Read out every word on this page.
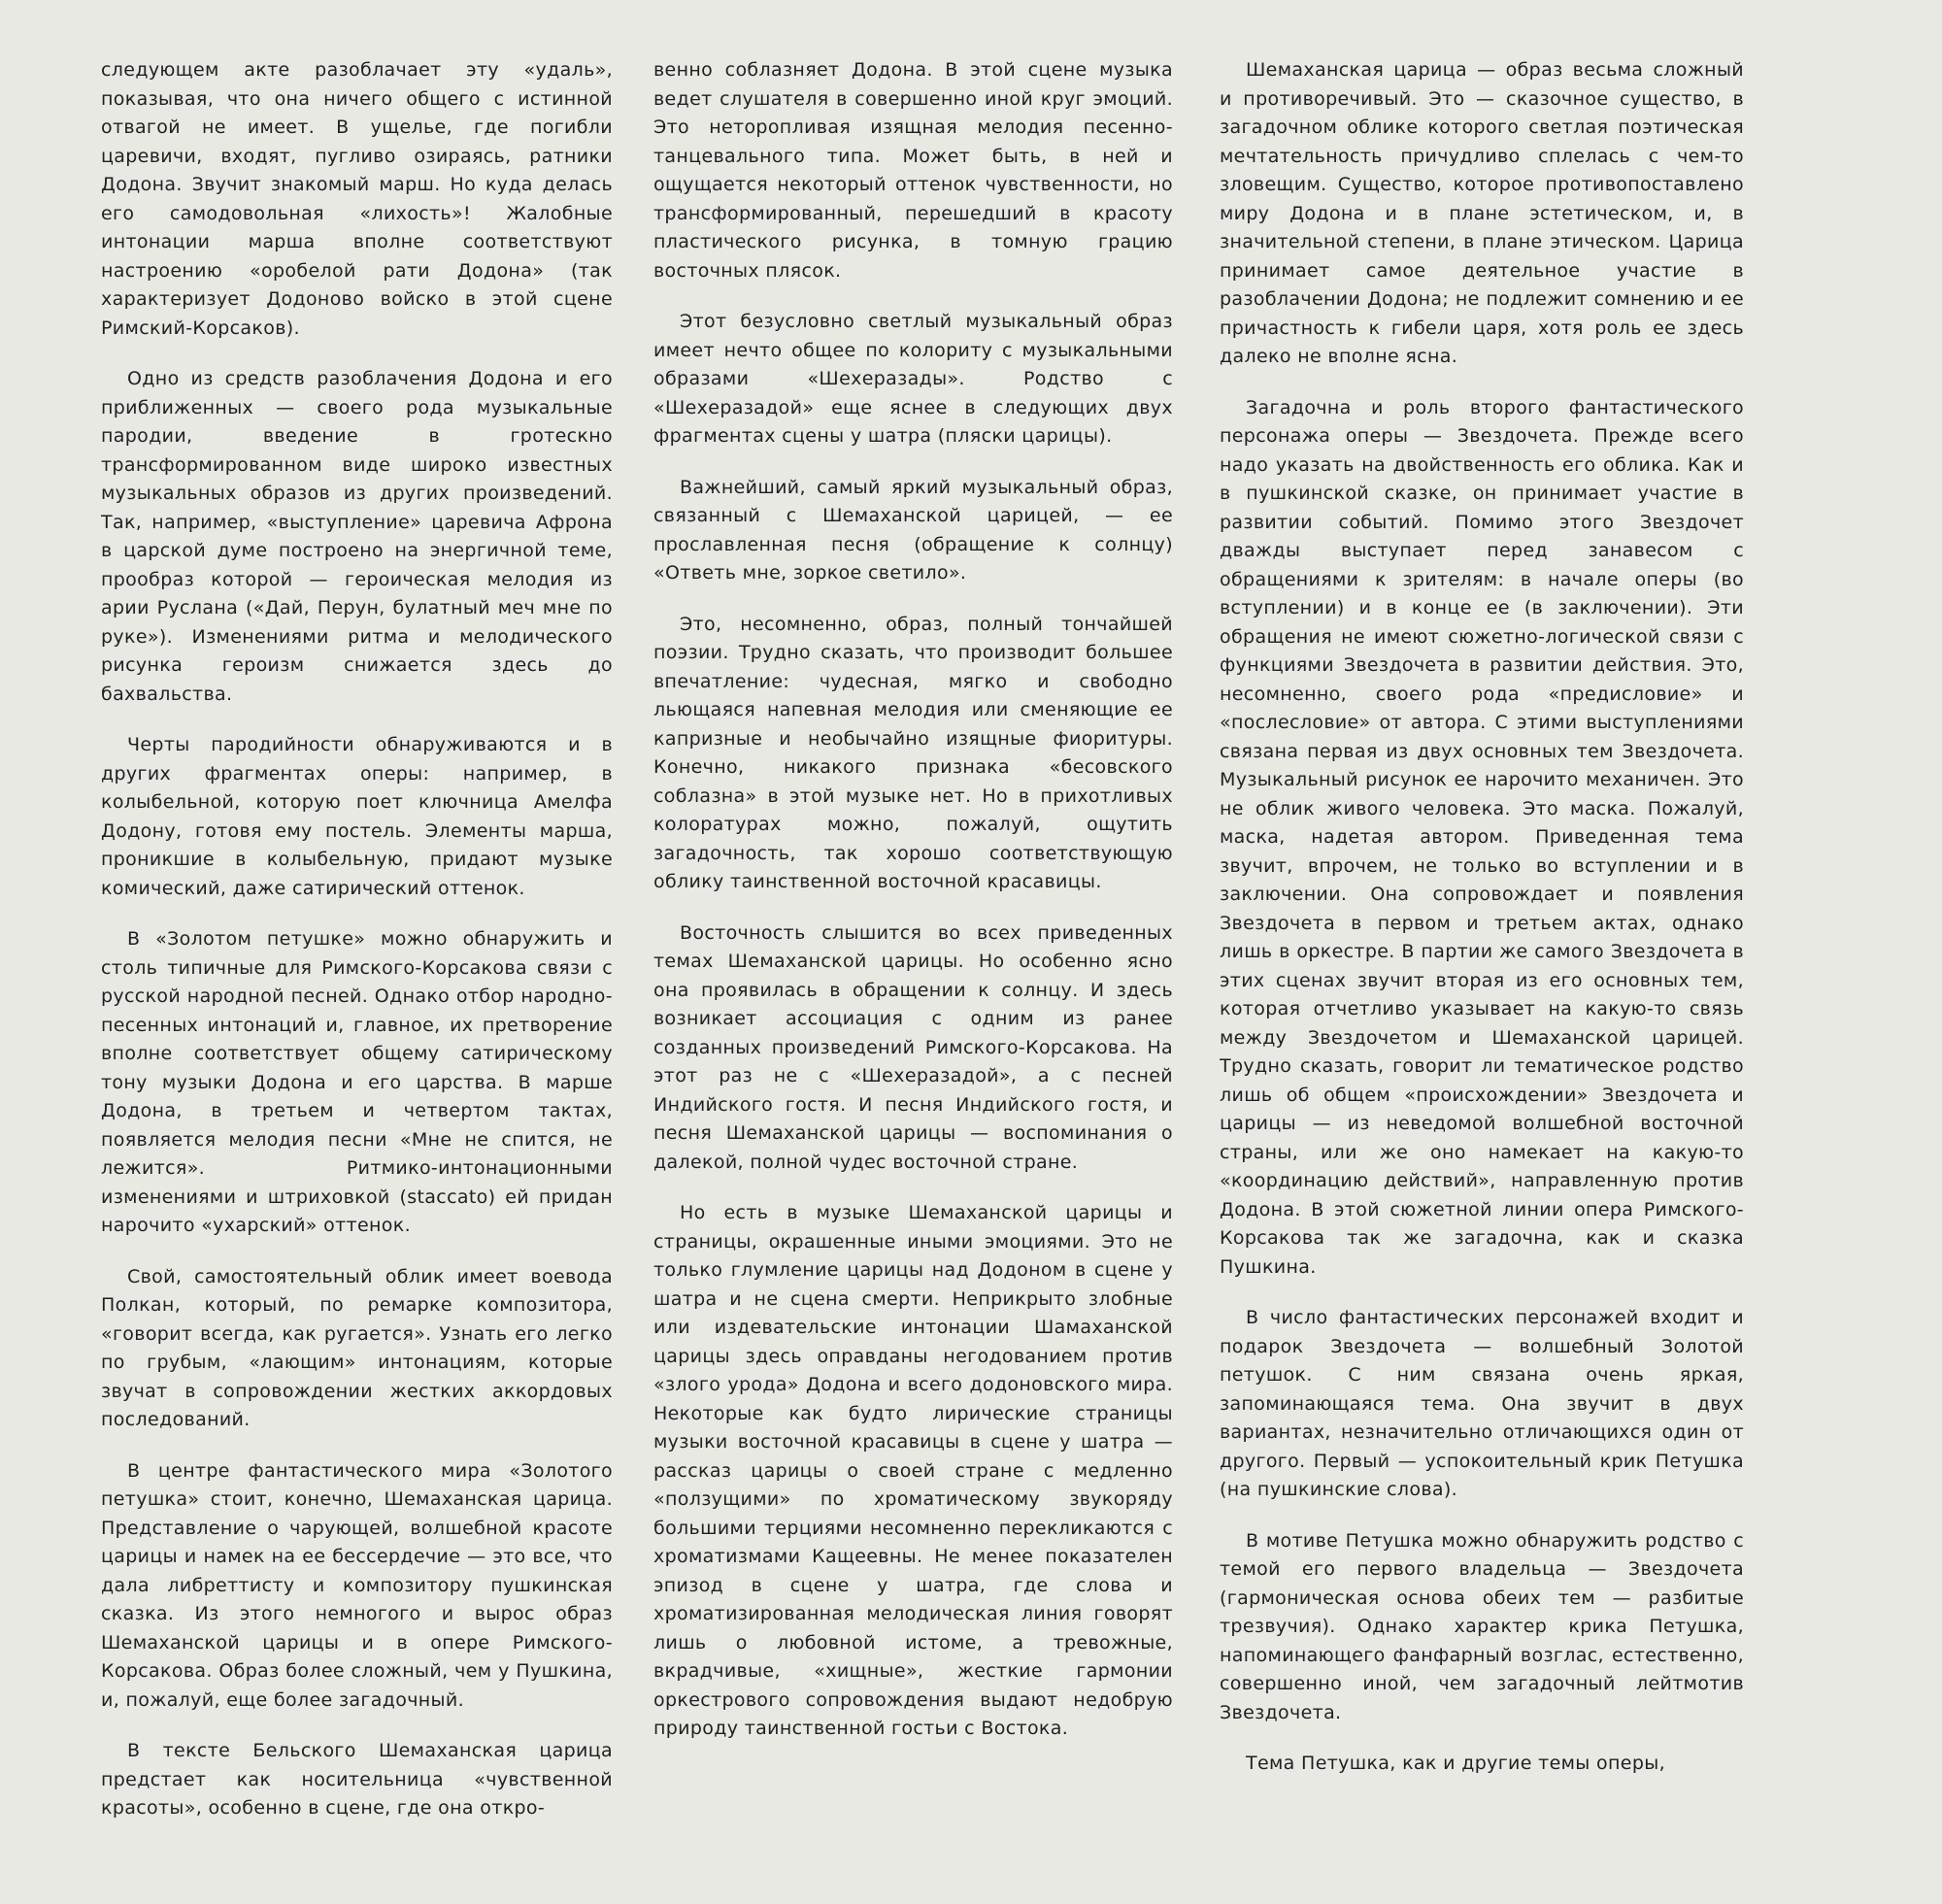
следующем акте разоблачает эту «удаль», показывая, что она ничего общего с истинной отвагой не имеет. В ущелье, где погибли царевичи, входят, пугливо озираясь, ратники Додона. Звучит знакомый марш. Но куда делась его самодовольная «лихость»! Жалобные интонации марша вполне соответствуют настроению «оробелой рати Додона» (так характеризует Додоново войско в этой сцене Римский-Корсаков).

Одно из средств разоблачения Додона и его приближенных — своего рода музыкальные пародии, введение в гротескно трансформированном виде широко известных музыкальных образов из других произведений. Так, например, «выступление» царевича Афрона в царской думе построено на энергичной теме, прообраз которой — героическая мелодия из арии Руслана («Дай, Перун, булатный меч мне по руке»). Изменениями ритма и мелодического рисунка героизм снижается здесь до бахвальства.

Черты пародийности обнаруживаются и в других фрагментах оперы: например, в колыбельной, которую поет ключница Амелфа Додону, готовя ему постель. Элементы марша, проникшие в колыбельную, придают музыке комический, даже сатирический оттенок.

В «Золотом петушке» можно обнаружить и столь типичные для Римского-Корсакова связи с русской народной песней. Однако отбор народно-песенных интонаций и, главное, их претворение вполне соответствует общему сатирическому тону музыки Додона и его царства. В марше Додона, в третьем и четвертом тактах, появляется мелодия песни «Мне не спится, не лежится». Ритмико-интонационными изменениями и штриховкой (staccato) ей придан нарочито «ухарский» оттенок.

Свой, самостоятельный облик имеет воевода Полкан, который, по ремарке композитора, «говорит всегда, как ругается». Узнать его легко по грубым, «лающим» интонациям, которые звучат в сопровождении жестких аккордовых последований.

В центре фантастического мира «Золотого петушка» стоит, конечно, Шемаханская царица. Представление о чарующей, волшебной красоте царицы и намек на ее бессердечие — это все, что дала либреттисту и композитору пушкинская сказка. Из этого немногого и вырос образ Шемаханской царицы и в опере Римского-Корсакова. Образ более сложный, чем у Пушкина, и, пожалуй, еще более загадочный.

В тексте Бельского Шемаханская царица предстает как носительница «чувственной красоты», особенно в сцене, где она откро-

венно соблазняет Додона. В этой сцене музыка ведет слушателя в совершенно иной круг эмоций. Это неторопливая изящная мелодия песенно-танцевального типа. Может быть, в ней и ощущается некоторый оттенок чувственности, но трансформированный, перешедший в красоту пластического рисунка, в томную грацию восточных плясок.

Этот безусловно светлый музыкальный образ имеет нечто общее по колориту с музыкальными образами «Шехеразады». Родство с «Шехеразадой» еще яснее в следующих двух фрагментах сцены у шатра (пляски царицы).

Важнейший, самый яркий музыкальный образ, связанный с Шемаханской царицей, — ее прославленная песня (обращение к солнцу) «Ответь мне, зоркое светило».

Это, несомненно, образ, полный тончайшей поэзии. Трудно сказать, что производит большее впечатление: чудесная, мягко и свободно льющаяся напевная мелодия или сменяющие ее капризные и необычайно изящные фиоритуры. Конечно, никакого признака «бесовского соблазна» в этой музыке нет. Но в прихотливых колоратурах можно, пожалуй, ощутить загадочность, так хорошо соответствующую облику таинственной восточной красавицы.

Восточность слышится во всех приведенных темах Шемаханской царицы. Но особенно ясно она проявилась в обращении к солнцу. И здесь возникает ассоциация с одним из ранее созданных произведений Римского-Корсакова. На этот раз не с «Шехеразадой», а с песней Индийского гостя. И песня Индийского гостя, и песня Шемаханской царицы — воспоминания о далекой, полной чудес восточной стране.

Но есть в музыке Шемаханской царицы и страницы, окрашенные иными эмоциями. Это не только глумление царицы над Додоном в сцене у шатра и не сцена смерти. Неприкрыто злобные или издевательские интонации Шамаханской царицы здесь оправданы негодованием против «злого урода» Додона и всего додоновского мира. Некоторые как будто лирические страницы музыки восточной красавицы в сцене у шатра — рассказ царицы о своей стране с медленно «ползущими» по хроматическому звукоряду большими терциями несомненно перекликаются с хроматизмами Кащеевны. Не менее показателен эпизод в сцене у шатра, где слова и хроматизированная мелодическая линия говорят лишь о любовной истоме, а тревожные, вкрадчивые, «хищные», жесткие гармонии оркестрового сопровождения выдают недобрую природу таинственной гостьи с Востока.

Шемаханская царица — образ весьма сложный и противоречивый. Это — сказочное существо, в загадочном облике которого светлая поэтическая мечтательность причудливо сплелась с чем-то зловещим. Существо, которое противопоставлено миру Додона и в плане эстетическом, и, в значительной степени, в плане этическом. Царица принимает самое деятельное участие в разоблачении Додона; не подлежит сомнению и ее причастность к гибели царя, хотя роль ее здесь далеко не вполне ясна.

Загадочна и роль второго фантастического персонажа оперы — Звездочета. Прежде всего надо указать на двойственность его облика. Как и в пушкинской сказке, он принимает участие в развитии событий. Помимо этого Звездочет дважды выступает перед занавесом с обращениями к зрителям: в начале оперы (во вступлении) и в конце ее (в заключении). Эти обращения не имеют сюжетно-логической связи с функциями Звездочета в развитии действия. Это, несомненно, своего рода «предисловие» и «послесловие» от автора. С этими выступлениями связана первая из двух основных тем Звездочета. Музыкальный рисунок ее нарочито механичен. Это не облик живого человека. Это маска. Пожалуй, маска, надетая автором. Приведенная тема звучит, впрочем, не только во вступлении и в заключении. Она сопровождает и появления Звездочета в первом и третьем актах, однако лишь в оркестре. В партии же самого Звездочета в этих сценах звучит вторая из его основных тем, которая отчетливо указывает на какую-то связь между Звездочетом и Шемаханской царицей. Трудно сказать, говорит ли тематическое родство лишь об общем «происхождении» Звездочета и царицы — из неведомой волшебной восточной страны, или же оно намекает на какую-то «координацию действий», направленную против Додона. В этой сюжетной линии опера Римского-Корсакова так же загадочна, как и сказка Пушкина.

В число фантастических персонажей входит и подарок Звездочета — волшебный Золотой петушок. С ним связана очень яркая, запоминающаяся тема. Она звучит в двух вариантах, незначительно отличающихся один от другого. Первый — успокоительный крик Петушка (на пушкинские слова).

В мотиве Петушка можно обнаружить родство с темой его первого владельца — Звездочета (гармоническая основа обеих тем — разбитые трезвучия). Однако характер крика Петушка, напоминающего фанфарный возглас, естественно, совершенно иной, чем загадочный лейтмотив Звездочета.

Тема Петушка, как и другие темы оперы,
